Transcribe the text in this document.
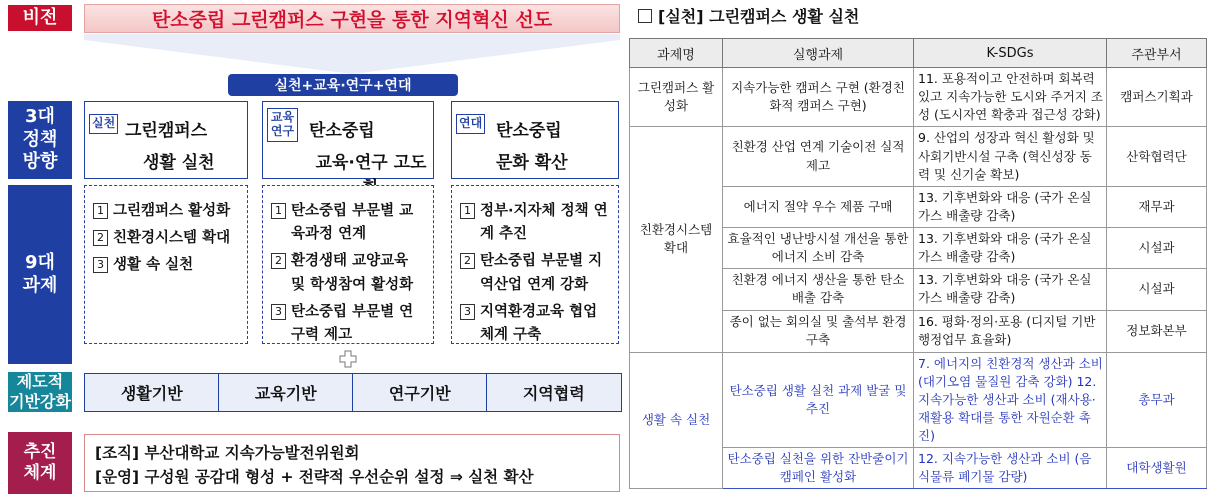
비전	탄소중립 그린캠퍼스 구현을 통한 지역혁신 선도
실천+교육·연구+연대
3대
정책
방향
실천 그린캠퍼스
생활 실천
교육연구 탄소중립
교육·연구 고도
연대 탄소중립
문화 확산
9대
과제
1 그린캠퍼스 활성화
2 친환경시스템 확대
3 생활 속 실천
1 탄소중립 부문별 교육과정 연계
2 환경생태 교양교육 및 학생참여 활성화
3 탄소중립 부문별 연구력 제고
1 정부·지자체 정책 연계 추진
2 탄소중립 부문별 지역산업 연계 강화
3 지역환경교육 협업 체계 구축
제도적
기반강화	생활기반	교육기반	연구기반	지역협력
추진
체계
[조직] 부산대학교 지속가능발전위원회
[운영] 구성원 공감대 형성 + 전략적 우선순위 설정 ⇒ 실천 확산
[실천] 그린캠퍼스 생활 실천
과제명	실행과제	K-SDGs	주관부서
그린캠퍼스 활성화	지속가능한 캠퍼스 구현 (환경친화적 캠퍼스 구현)	11. 포용적이고 안전하며 회복력 있고 지속가능한 도시와 주거지 조성 (도시자연 확충과 접근성 강화)	캠퍼스기획과
친환경시스템 확대	친환경 산업 연계 기술이전 실적 제고	9. 산업의 성장과 혁신 활성화 및 사회기반시설 구축 (혁신성장 동력 및 신기술 확보)	산학협력단
	에너지 절약 우수 제품 구매	13. 기후변화와 대응 (국가 온실가스 배출량 감축)	재무과
	효율적인 냉난방시설 개선을 통한 에너지 소비 감축	13. 기후변화와 대응 (국가 온실가스 배출량 감축)	시설과
	친환경 에너지 생산을 통한 탄소배출 감축	13. 기후변화와 대응 (국가 온실가스 배출량 감축)	시설과
	종이 없는 회의실 및 출석부 환경 구축	16. 평화·정의·포용 (디지털 기반 행정업무 효율화)	정보화본부
생활 속 실천	탄소중립 생활 실천 과제 발굴 및 추진	7. 에너지의 친환경적 생산과 소비 (대기오염 물질원 감축 강화) 12. 지속가능한 생산과 소비 (재사용·재활용 확대를 통한 자원순환 촉진)	총무과
	탄소중립 실천을 위한 잔반줄이기 캠페인 활성화	12. 지속가능한 생산과 소비 (음식물류 폐기물 감량)	대학생활원
